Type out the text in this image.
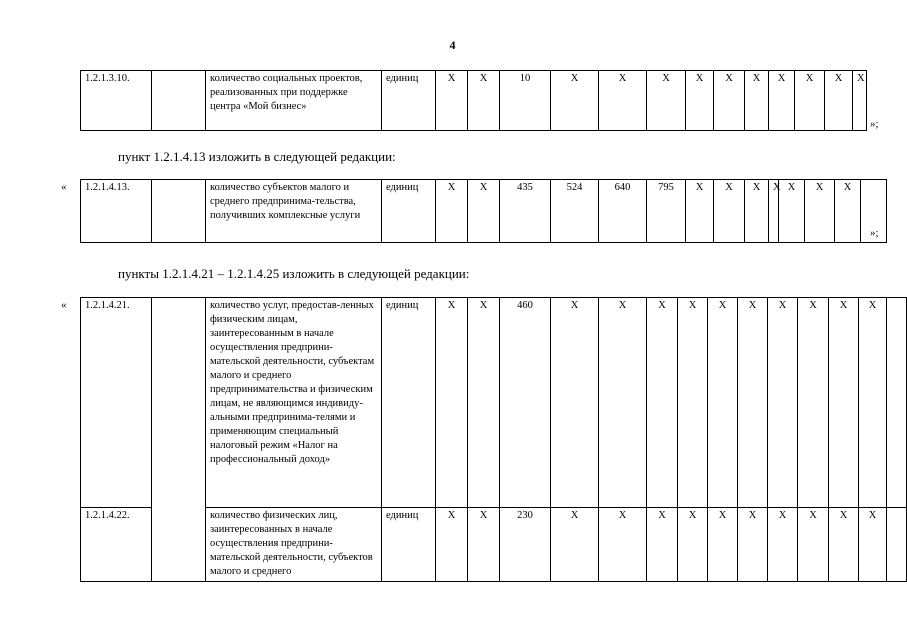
4
1.2.1.3.10.		количество социальных проектов, реализованных при поддержке центра «Мой бизнес»	единиц	X	X	10	X	X	X	X	X	X	X	X	X	X
»;
пункт 1.2.1.4.13 изложить в следующей редакции:
« 1.2.1.4.13.		количество субъектов малого и среднего предпринима-тельства, получивших комплексные услуги	единиц	X	X	435	524	640	795	X	X	X	X	X	X	X	
»;
пункты 1.2.1.4.21 – 1.2.1.4.25 изложить в следующей редакции:
« 1.2.1.4.21.		количество услуг, предостав-ленных физическим лицам, заинтересованным в начале осуществления предприни-мательской деятельности, субъектам малого и среднего предпринимательства и физическим лицам, не являющимся индивиду-альными предпринима-телями и применяющим специальный налоговый режим «Налог на профессиональный доход»	единиц	X	X	460	X	X	X	X	X	X	X	X	X	X	
1.2.1.4.22.		количество физических лиц, заинтересованных в начале осуществления предприни-мательской деятельности, субъектов малого и среднего	единиц	X	X	230	X	X	X	X	X	X	X	X	X	X	
